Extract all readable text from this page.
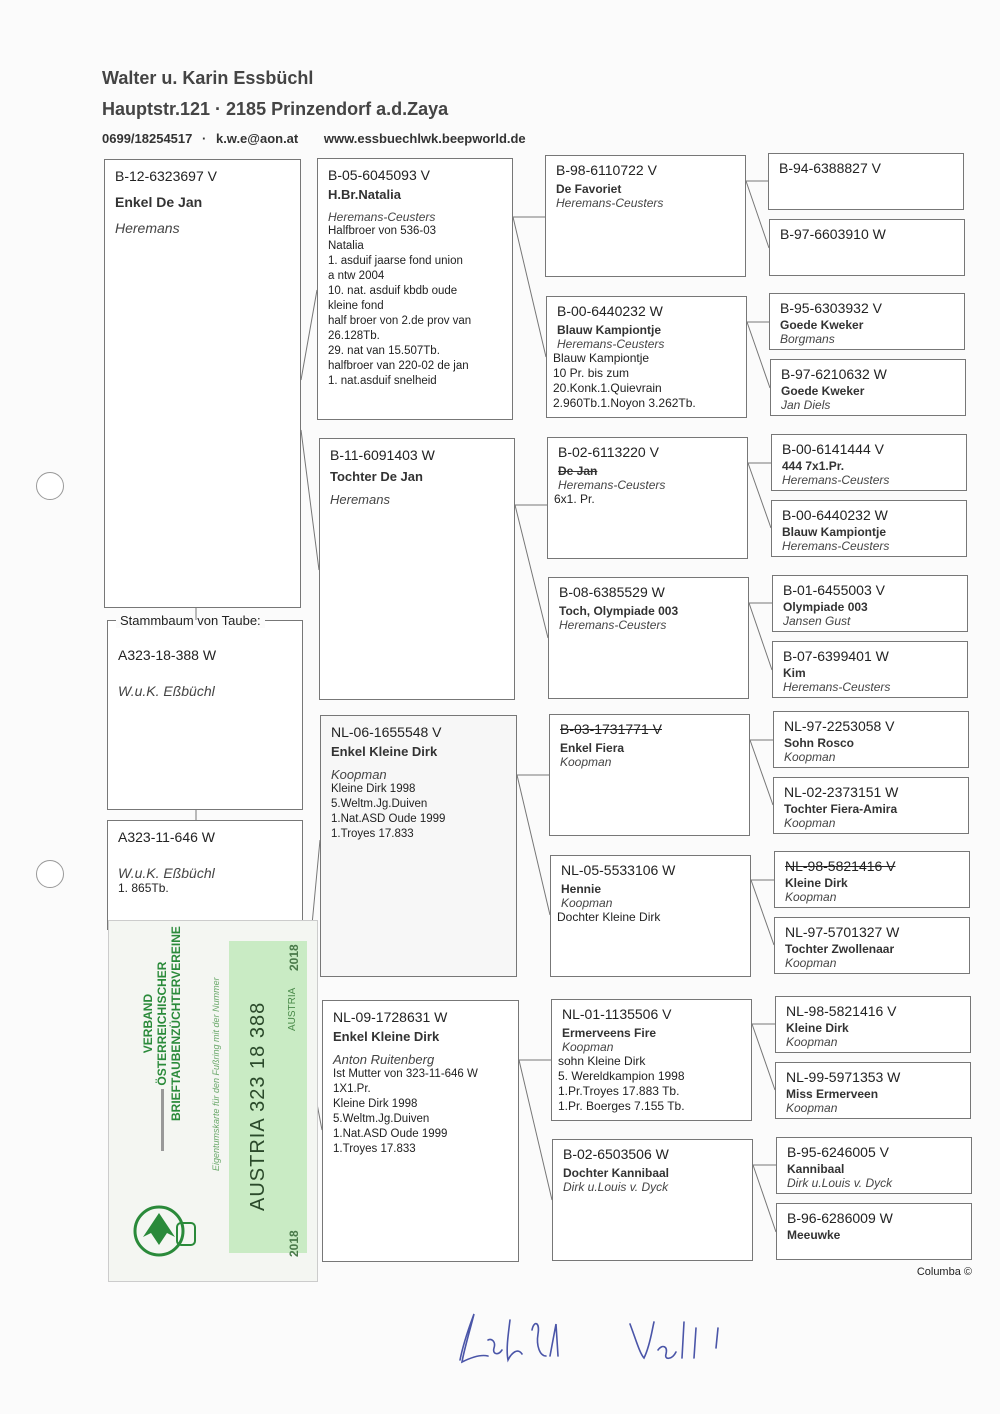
Walter u. Karin Essbüchl
Hauptstr.121 · 2185 Prinzendorf a.d.Zaya
0699/18254517 · k.w.e@aon.at www.essbuechlwk.beepworld.de
B-12-6323697 V
Enkel De Jan
Heremans
A323-18-388 W
W.u.K. Eßbüchl
Stammbaum von Taube:
A323-11-646 W
W.u.K. Eßbüchl
1. 865Tb.
B-05-6045093 V
H.Br.Natalia
Heremans-Ceusters
Halfbroer von 536-03
Natalia
1. asduif jaarse fond union
a ntw 2004
10. nat. asduif kbdb oude
kleine fond
half broer von 2.de prov van
26.128Tb.
29. nat van 15.507Tb.
halfbroer van 220-02 de jan
1. nat.asduif snelheid
B-11-6091403 W
Tochter De Jan
Heremans
NL-06-1655548 V
Enkel Kleine Dirk
Koopman
Kleine Dirk 1998
5.Weltm.Jg.Duiven
1.Nat.ASD Oude 1999
1.Troyes 17.833
NL-09-1728631 W
Enkel Kleine Dirk
Anton Ruitenberg
Ist Mutter von 323-11-646 W
1X1.Pr.
Kleine Dirk 1998
5.Weltm.Jg.Duiven
1.Nat.ASD Oude 1999
1.Troyes 17.833
B-98-6110722 V
De Favoriet
Heremans-Ceusters
B-00-6440232 W
Blauw Kampiontje
Heremans-Ceusters
Blauw Kampiontje
10 Pr. bis zum
20.Konk.1.Quievrain
2.960Tb.1.Noyon 3.262Tb.
B-02-6113220 V
De Jan
Heremans-Ceusters
6x1. Pr.
B-08-6385529 W
Toch, Olympiade 003
Heremans-Ceusters
B-03-1731771 V
Enkel Fiera
Koopman
NL-05-5533106 W
Hennie
Koopman
Dochter Kleine Dirk
NL-01-1135506 V
Ermerveens Fire
Koopman
sohn Kleine Dirk
5. Wereldkampion 1998
1.Pr.Troyes 17.883 Tb.
1.Pr. Boerges 7.155 Tb.
B-02-6503506 W
Dochter Kannibaal
Dirk u.Louis v. Dyck
B-94-6388827 V
B-97-6603910 W
B-95-6303932 V
Goede Kweker
Borgmans
B-97-6210632 W
Goede Kweker
Jan Diels
B-00-6141444 V
444 7x1.Pr.
Heremans-Ceusters
B-00-6440232 W
Blauw Kampiontje
Heremans-Ceusters
B-01-6455003 V
Olympiade 003
Jansen Gust
B-07-6399401 W
Kim
Heremans-Ceusters
NL-97-2253058 V
Sohn Rosco
Koopman
NL-02-2373151 W
Tochter Fiera-Amira
Koopman
NL-98-5821416 V
Kleine Dirk
Koopman
NL-97-5701327 W
Tochter Zwollenaar
Koopman
NL-98-5821416 V
Kleine Dirk
Koopman
NL-99-5971353 W
Miss Ermerveen
Koopman
B-95-6246005 V
Kannibaal
Dirk u.Louis v. Dyck
B-96-6286009 W
Meeuwke
VERBAND ÖSTERREICHISCHER BRIEFTAUBENZÜCHTERVEREINE	Eigentumskarte für den Fußring mit der Nummer AUSTRIA 323 18 388 AUSTRIA
2018
2018
Columba ©
